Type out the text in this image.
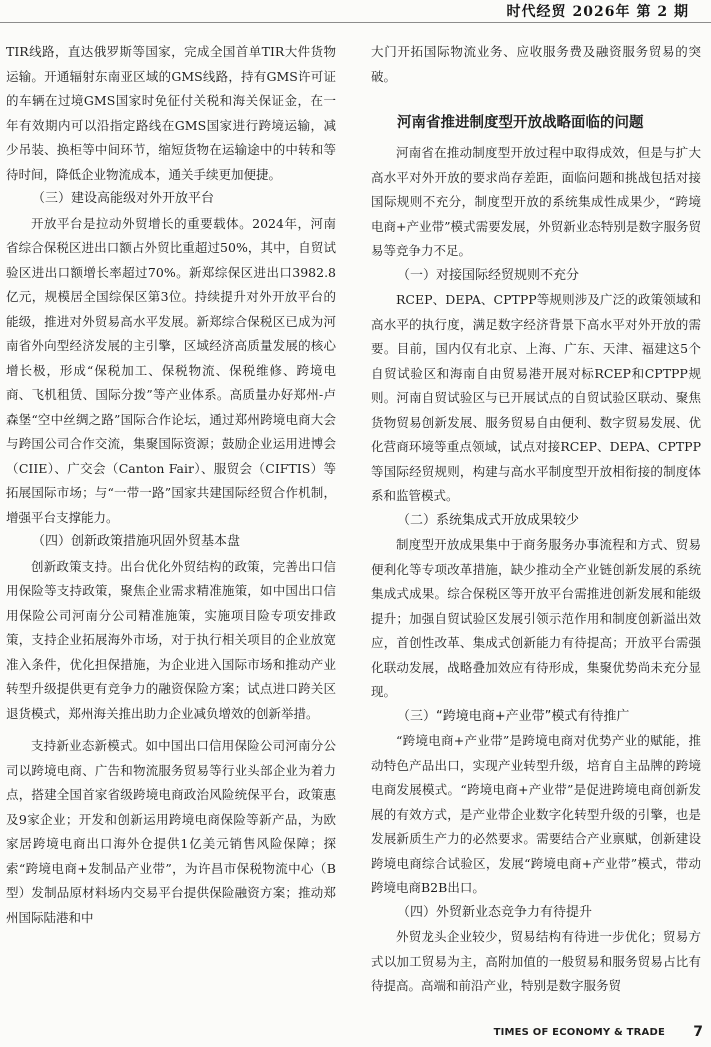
时代经贸 2026年 第 2 期

TIR线路，直达俄罗斯等国家，完成全国首单TIR大件货物运输。开通辐射东南亚区域的GMS线路，持有GMS许可证的车辆在过境GMS国家时免征付关税和海关保证金，在一年有效期内可以沿指定路线在GMS国家进行跨境运输，减少吊装、换柜等中间环节，缩短货物在运输途中的中转和等待时间，降低企业物流成本，通关手续更加便捷。

（三）建设高能级对外开放平台

开放平台是拉动外贸增长的重要载体。2024年，河南省综合保税区进出口额占外贸比重超过50%，其中，自贸试验区进出口额增长率超过70%。新郑综保区进出口3982.8亿元，规模居全国综保区第3位。持续提升对外开放平台的能级，推进对外贸易高水平发展。新郑综合保税区已成为河南省外向型经济发展的主引擎，区域经济高质量发展的核心增长极，形成“保税加工、保税物流、保税维修、跨境电商、飞机租赁、国际分拨”等产业体系。高质量办好郑州-卢森堡“空中丝绸之路”国际合作论坛，通过郑州跨境电商大会与跨国公司合作交流，集聚国际资源；鼓励企业运用进博会（CIIE）、广交会（Canton Fair）、服贸会（CIFTIS）等拓展国际市场；与“一带一路”国家共建国际经贸合作机制，增强平台支撑能力。

（四）创新政策措施巩固外贸基本盘

创新政策支持。出台优化外贸结构的政策，完善出口信用保险等支持政策，聚焦企业需求精准施策，如中国出口信用保险公司河南分公司精准施策，实施项目险专项安排政策，支持企业拓展海外市场，对于执行相关项目的企业放宽准入条件，优化担保措施，为企业进入国际市场和推动产业转型升级提供更有竞争力的融资保险方案；试点进口跨关区退货模式，郑州海关推出助力企业减负增效的创新举措。

支持新业态新模式。如中国出口信用保险公司河南分公司以跨境电商、广告和物流服务贸易等行业头部企业为着力点，搭建全国首家省级跨境电商政治风险统保平台，政策惠及9家企业；开发和创新运用跨境电商保险等新产品，为欧家居跨境电商出口海外仓提供1亿美元销售风险保障；探索“跨境电商+发制品产业带”，为许昌市保税物流中心（B型）发制品原材料场内交易平台提供保险融资方案；推动郑州国际陆港和中

大门开拓国际物流业务、应收服务费及融资服务贸易的突破。

河南省推进制度型开放战略面临的问题

河南省在推动制度型开放过程中取得成效，但是与扩大高水平对外开放的要求尚存差距，面临问题和挑战包括对接国际规则不充分，制度型开放的系统集成性成果少，“跨境电商+产业带”模式需要发展，外贸新业态特别是数字服务贸易等竞争力不足。

（一）对接国际经贸规则不充分

RCEP、DEPA、CPTPP等规则涉及广泛的政策领域和高水平的执行度，满足数字经济背景下高水平对外开放的需要。目前，国内仅有北京、上海、广东、天津、福建这5个自贸试验区和海南自由贸易港开展对标RCEP和CPTPP规则。河南自贸试验区与已开展试点的自贸试验区联动、聚焦货物贸易创新发展、服务贸易自由便利、数字贸易发展、优化营商环境等重点领域，试点对接RCEP、DEPA、CPTPP等国际经贸规则，构建与高水平制度型开放相衔接的制度体系和监管模式。

（二）系统集成式开放成果较少

制度型开放成果集中于商务服务办事流程和方式、贸易便利化等专项改革措施，缺少推动全产业链创新发展的系统集成式成果。综合保税区等开放平台需推进创新发展和能级提升；加强自贸试验区发展引领示范作用和制度创新溢出效应，首创性改革、集成式创新能力有待提高；开放平台需强化联动发展，战略叠加效应有待形成，集聚优势尚未充分显现。

（三）“跨境电商+产业带”模式有待推广

“跨境电商+产业带”是跨境电商对优势产业的赋能，推动特色产品出口，实现产业转型升级，培育自主品牌的跨境电商发展模式。“跨境电商+产业带”是促进跨境电商创新发展的有效方式，是产业带企业数字化转型升级的引擎，也是发展新质生产力的必然要求。需要结合产业禀赋，创新建设跨境电商综合试验区，发展“跨境电商+产业带”模式，带动跨境电商B2B出口。

（四）外贸新业态竞争力有待提升

外贸龙头企业较少，贸易结构有待进一步优化；贸易方式以加工贸易为主，高附加值的一般贸易和服务贸易占比有待提高。高端和前沿产业，特别是数字服务贸

TIMES OF ECONOMY & TRADE 7
